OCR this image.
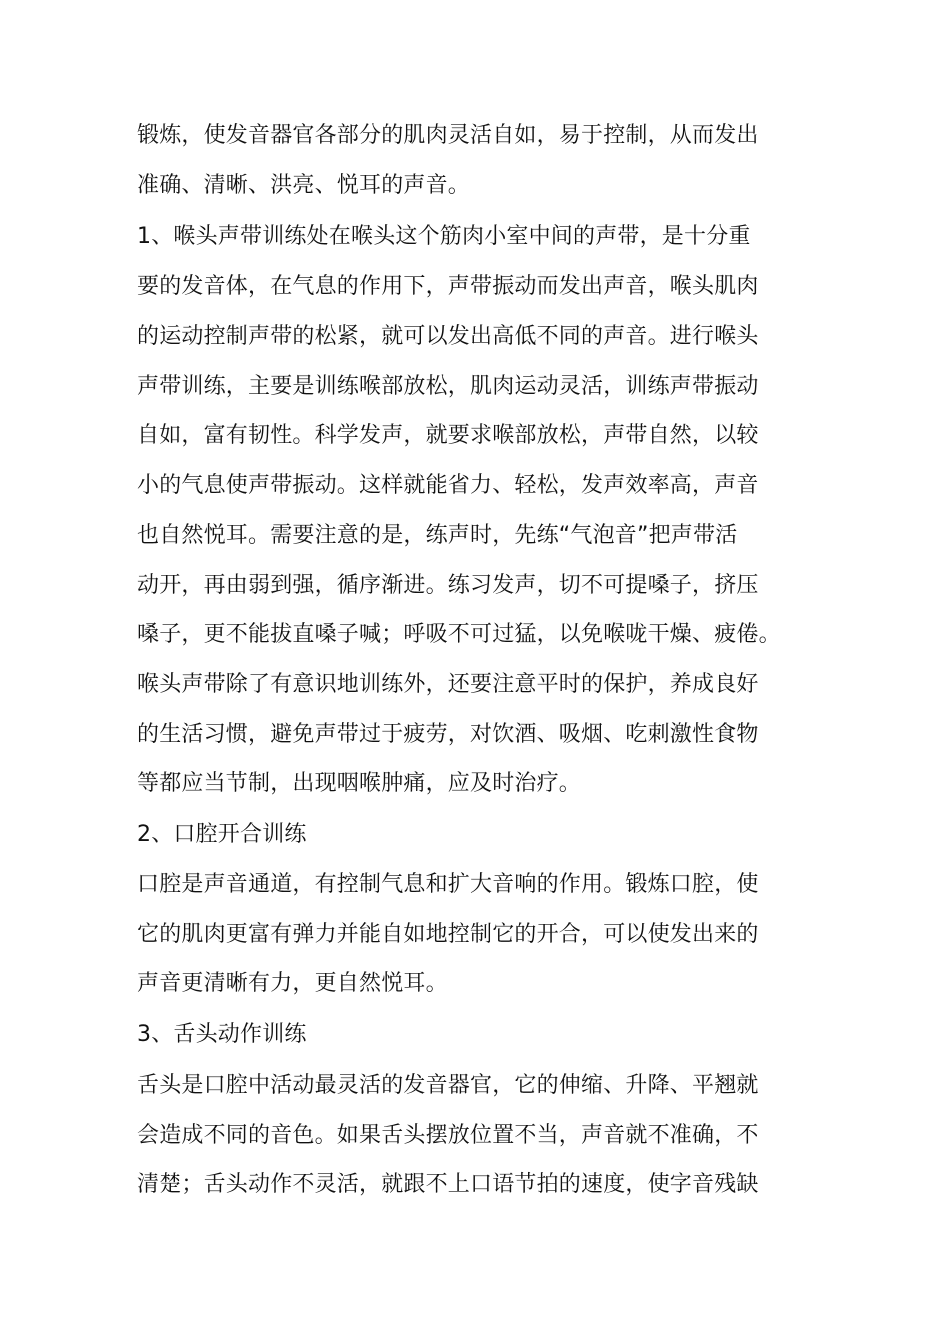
锻炼，使发音器官各部分的肌肉灵活自如，易于控制，从而发出
准确、清晰、洪亮、悦耳的声音。
1、喉头声带训练处在喉头这个筋肉小室中间的声带，是十分重
要的发音体，在气息的作用下，声带振动而发出声音，喉头肌肉
的运动控制声带的松紧，就可以发出高低不同的声音。进行喉头
声带训练，主要是训练喉部放松，肌肉运动灵活，训练声带振动
自如，富有韧性。科学发声，就要求喉部放松，声带自然，以较
小的气息使声带振动。这样就能省力、轻松，发声效率高，声音
也自然悦耳。需要注意的是，练声时，先练“气泡音”把声带活
动开，再由弱到强，循序渐进。练习发声，切不可提嗓子，挤压
嗓子，更不能拔直嗓子喊；呼吸不可过猛，以免喉咙干燥、疲倦。
喉头声带除了有意识地训练外，还要注意平时的保护，养成良好
的生活习惯，避免声带过于疲劳，对饮酒、吸烟、吃刺激性食物
等都应当节制，出现咽喉肿痛，应及时治疗。
2、口腔开合训练
口腔是声音通道，有控制气息和扩大音响的作用。锻炼口腔，使
它的肌肉更富有弹力并能自如地控制它的开合，可以使发出来的
声音更清晰有力，更自然悦耳。
3、舌头动作训练
舌头是口腔中活动最灵活的发音器官，它的伸缩、升降、平翘就
会造成不同的音色。如果舌头摆放位置不当，声音就不准确，不
清楚；舌头动作不灵活，就跟不上口语节拍的速度，使字音残缺
